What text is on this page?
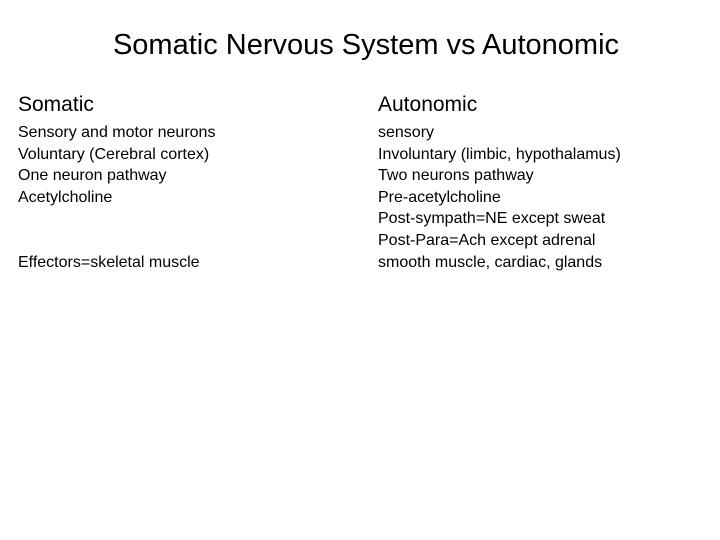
Somatic Nervous System vs Autonomic
Somatic
Sensory and motor neurons
Voluntary (Cerebral cortex)
One neuron pathway
Acetylcholine
Effectors=skeletal muscle
Autonomic
sensory
Involuntary (limbic, hypothalamus)
Two neurons pathway
Pre-acetylcholine
Post-sympath=NE except sweat
Post-Para=Ach except adrenal
smooth muscle, cardiac, glands
